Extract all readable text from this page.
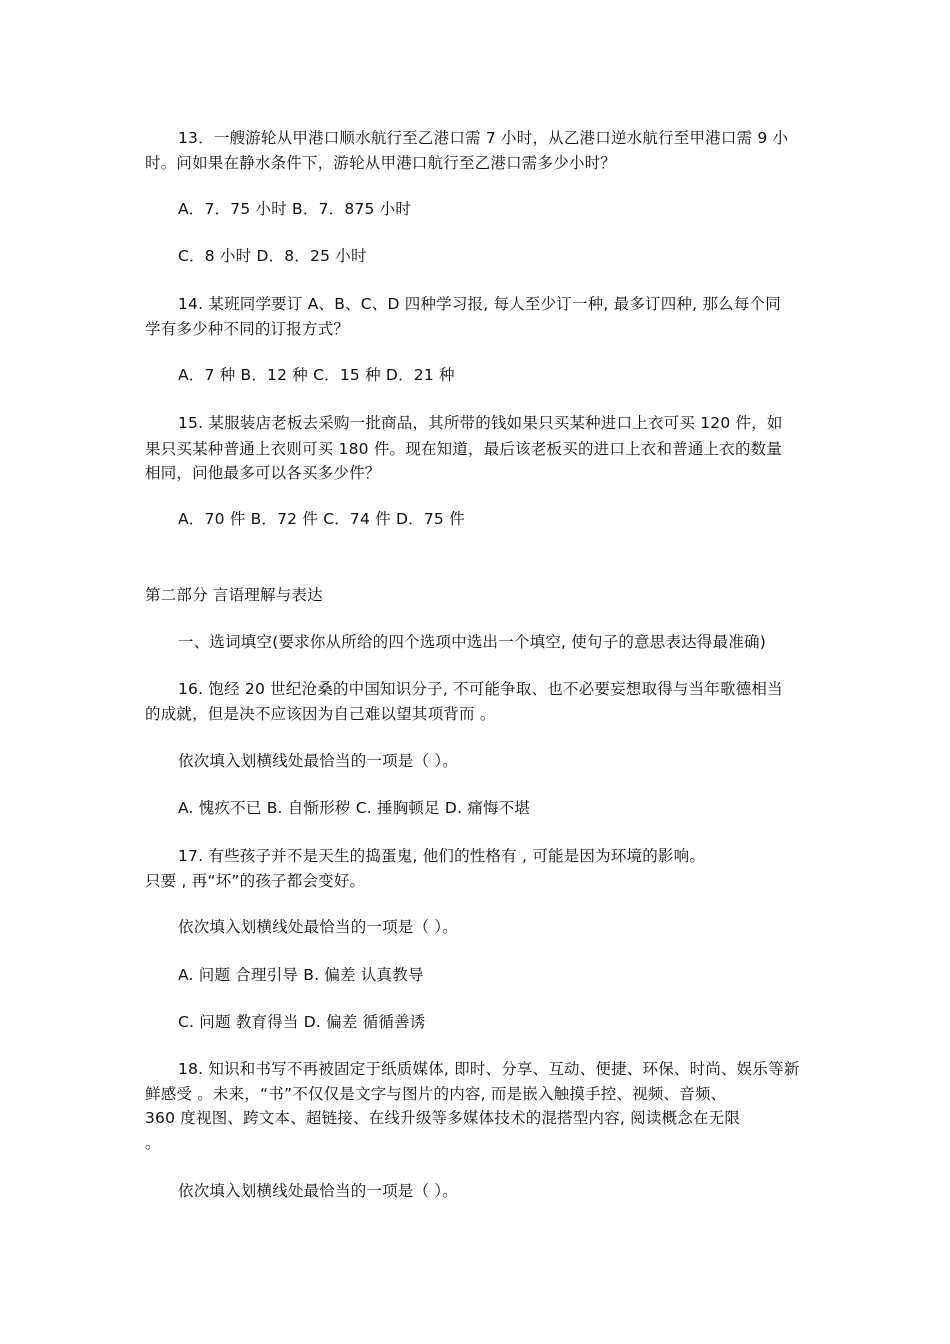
13．一艘游轮从甲港口顺水航行至乙港口需 7 小时，从乙港口逆水航行至甲港口需 9 小
时。问如果在静水条件下，游轮从甲港口航行至乙港口需多少小时？
A．7．75 小时 B．7．875 小时
C．8 小时 D．8．25 小时
14. 某班同学要订 A、B、C、D 四种学习报, 每人至少订一种, 最多订四种, 那么每个同
学有多少种不同的订报方式？
A．7 种 B．12 种 C．15 种 D．21 种
15. 某服装店老板去采购一批商品，其所带的钱如果只买某种进口上衣可买 120 件，如
果只买某种普通上衣则可买 180 件。现在知道，最后该老板买的进口上衣和普通上衣的数量
相同，问他最多可以各买多少件？
A．70 件 B．72 件 C．74 件 D．75 件
第二部分 言语理解与表达
一、选词填空(要求你从所给的四个选项中选出一个填空, 使句子的意思表达得最准确)
16. 饱经 20 世纪沧桑的中国知识分子, 不可能争取、也不必要妄想取得与当年歌德相当
的成就，但是决不应该因为自己难以望其项背而 。
依次填入划横线处最恰当的一项是（ ）。
A. 愧疚不已 B. 自惭形秽 C. 捶胸顿足 D. 痛悔不堪
17. 有些孩子并不是天生的捣蛋鬼, 他们的性格有 , 可能是因为环境的影响。
只要 , 再“坏”的孩子都会变好。
依次填入划横线处最恰当的一项是（ ）。
A. 问题 合理引导 B. 偏差 认真教导
C. 问题 教育得当 D. 偏差 循循善诱
18. 知识和书写不再被固定于纸质媒体, 即时、分享、互动、便捷、环保、时尚、娱乐等新
鲜感受 。未来，“书”不仅仅是文字与图片的内容, 而是嵌入触摸手控、视频、音频、
360 度视图、跨文本、超链接、在线升级等多媒体技术的混搭型内容, 阅读概念在无限
。
依次填入划横线处最恰当的一项是（ ）。
